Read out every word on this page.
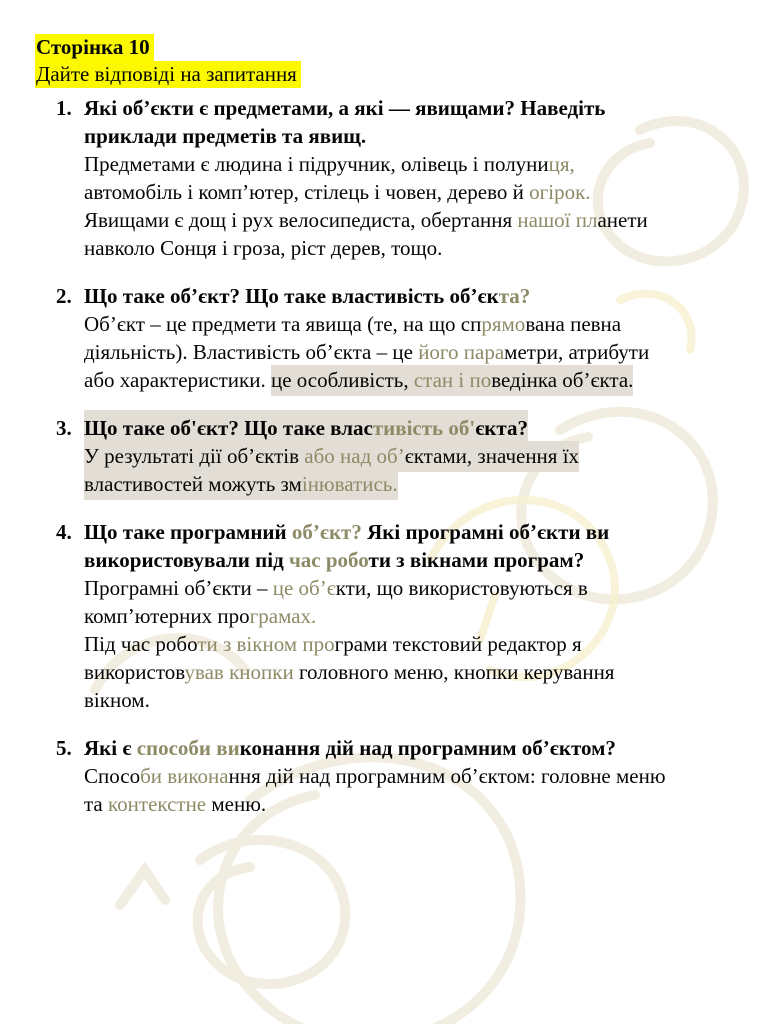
Сторінка 10
Дайте відповіді на запитання
1. Які об’єкти є предметами, а які — явищами? Наведіть
приклади предметів та явищ.
Предметами є людина і підручник, олівець і полуниця,
автомобіль і комп’ютер, стілець і човен, дерево й огірок.
Явищами є дощ і рух велосипедиста, обертання нашої планети
навколо Сонця і гроза, ріст дерев, тощо.
2. Що таке об’єкт? Що таке властивість об’єкта?
Об’єкт – це предмети та явища (те, на що спрямована певна
діяльність). Властивість об’єкта – це його параметри, атрибути
або характеристики. це особливість, стан і поведінка об’єкта.
3. Що таке об'єкт? Що таке властивість об'єкта?
У результаті дії об’єктів або над об’єктами, значення їх
властивостей можуть змінюватись.
4. Що таке програмний об’єкт? Які програмні об’єкти ви
використовували під час роботи з вікнами програм?
Програмні об’єкти – це об’єкти, що використовуються в
комп’ютерних програмах.
Під час роботи з вікном програми текстовий редактор я
використовував кнопки головного меню, кнопки керування
вікном.
5. Які є способи виконання дій над програмним об’єктом?
Способи виконання дій над програмним об’єктом: головне меню
та контекстне меню.
